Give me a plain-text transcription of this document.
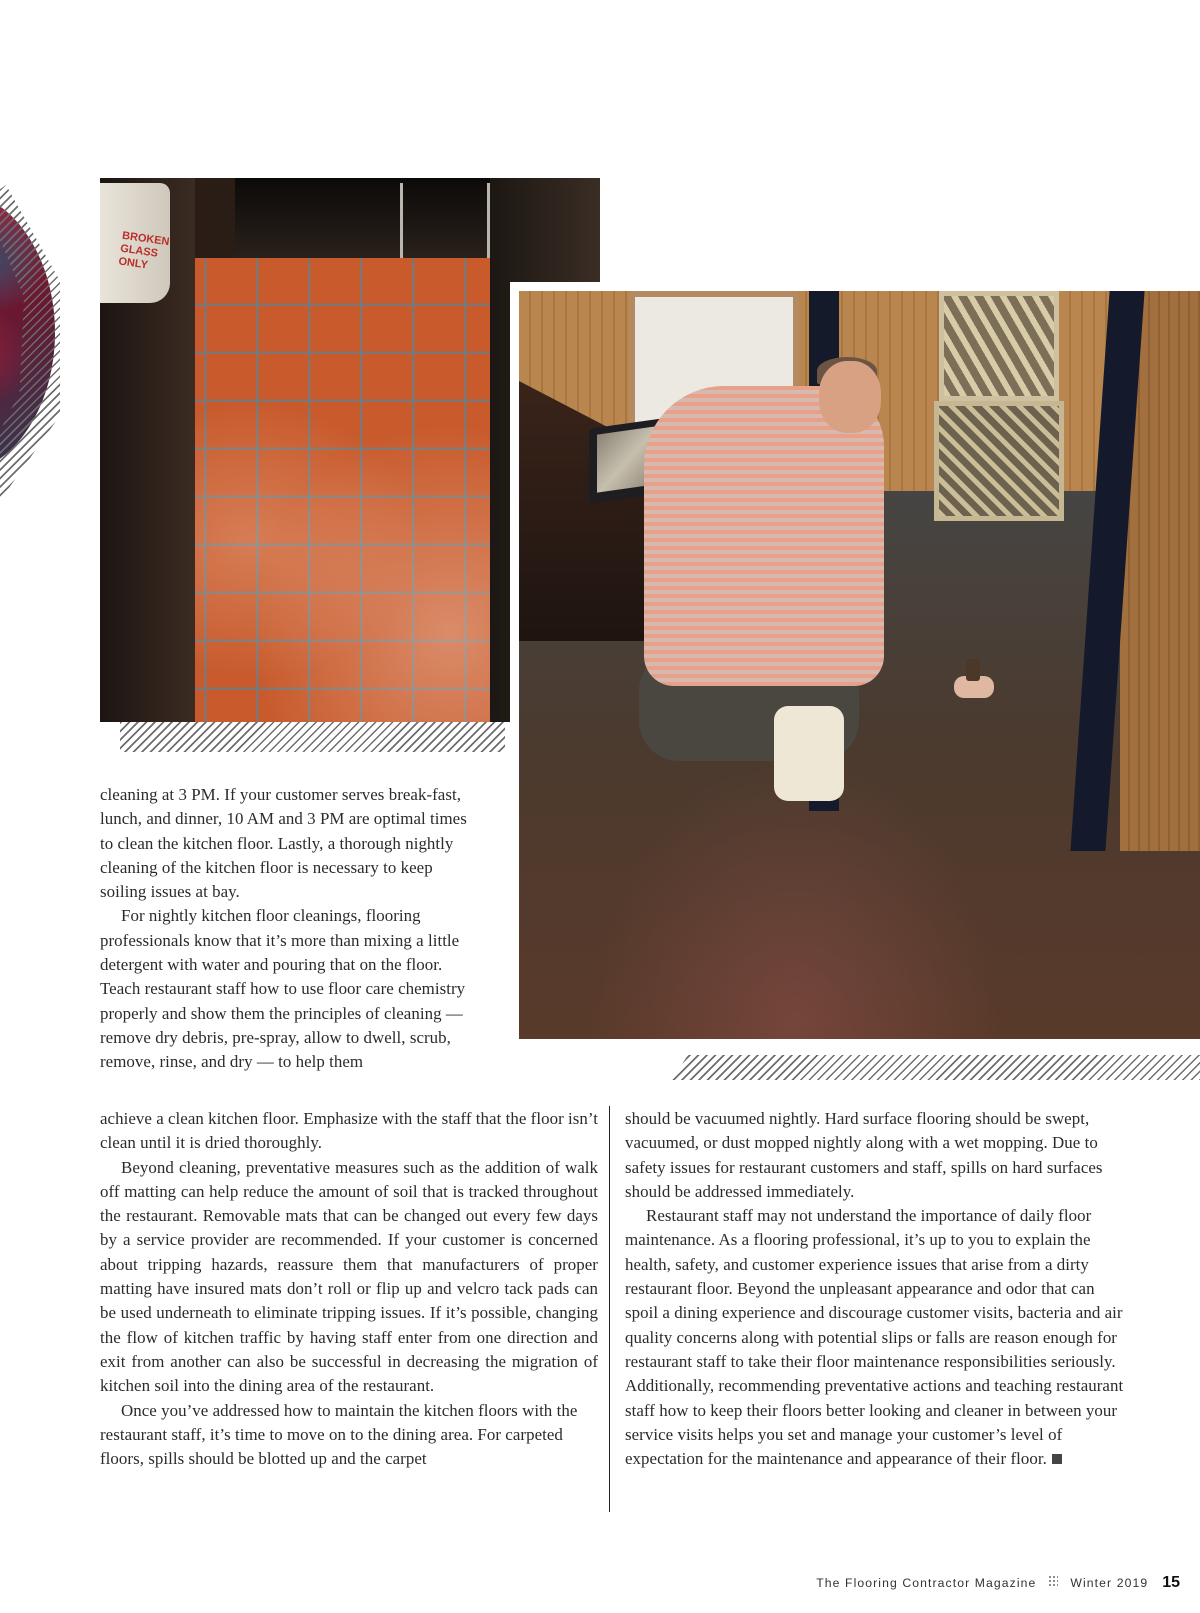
BROKEN GLASS ONLY

cleaning at 3 PM. If your customer serves break-fast, lunch, and dinner, 10 AM and 3 PM are optimal times to clean the kitchen floor. Lastly, a thorough nightly cleaning of the kitchen floor is necessary to keep soiling issues at bay.

For nightly kitchen floor cleanings, flooring professionals know that it’s more than mixing a little detergent with water and pouring that on the floor. Teach restaurant staff how to use floor care chemistry properly and show them the principles of cleaning — remove dry debris, pre-spray, allow to dwell, scrub, remove, rinse, and dry — to help them

achieve a clean kitchen floor. Emphasize with the staff that the floor isn’t clean until it is dried thoroughly.

Beyond cleaning, preventative measures such as the addition of walk off matting can help reduce the amount of soil that is tracked throughout the restaurant. Removable mats that can be changed out every few days by a service provider are recommended. If your customer is concerned about tripping hazards, reassure them that manufacturers of proper matting have insured mats don’t roll or flip up and velcro tack pads can be used underneath to eliminate tripping issues. If it’s possible, changing the flow of kitchen traffic by having staff enter from one direction and exit from another can also be successful in decreasing the migration of kitchen soil into the dining area of the restaurant.

Once you’ve addressed how to maintain the kitchen floors with the restaurant staff, it’s time to move on to the dining area. For carpeted floors, spills should be blotted up and the carpet

should be vacuumed nightly. Hard surface flooring should be swept, vacuumed, or dust mopped nightly along with a wet mopping. Due to safety issues for restaurant customers and staff, spills on hard surfaces should be addressed immediately.

Restaurant staff may not understand the importance of daily floor maintenance. As a flooring professional, it’s up to you to explain the health, safety, and customer experience issues that arise from a dirty restaurant floor. Beyond the unpleasant appearance and odor that can spoil a dining experience and discourage customer visits, bacteria and air quality concerns along with potential slips or falls are reason enough for restaurant staff to take their floor maintenance responsibilities seriously. Additionally, recommending preventative actions and teaching restaurant staff how to keep their floors better looking and cleaner in between your service visits helps you set and manage your customer’s level of expectation for the maintenance and appearance of their floor.

The Flooring Contractor Magazine	Winter 2019 15
